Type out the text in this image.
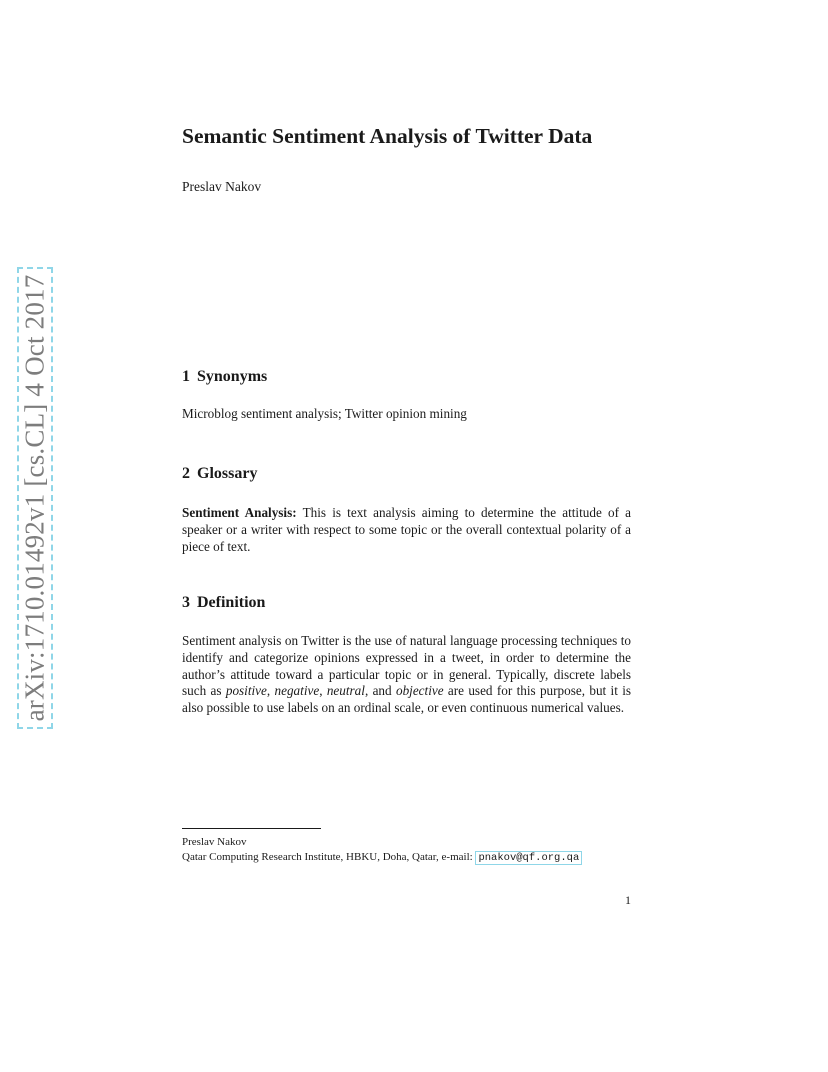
arXiv:1710.01492v1 [cs.CL] 4 Oct 2017
Semantic Sentiment Analysis of Twitter Data
Preslav Nakov
1 Synonyms

Microblog sentiment analysis; Twitter opinion mining

2 Glossary

Sentiment Analysis: This is text analysis aiming to determine the attitude of a speaker or a writer with respect to some topic or the overall contextual polarity of a piece of text.

3 Definition

Sentiment analysis on Twitter is the use of natural language processing techniques to identify and categorize opinions expressed in a tweet, in order to determine the author’s attitude toward a particular topic or in general. Typically, discrete labels such as positive, negative, neutral, and objective are used for this purpose, but it is also possible to use labels on an ordinal scale, or even continuous numerical values.

Preslav Nakov
Qatar Computing Research Institute, HBKU, Doha, Qatar, e-mail: pnakov@qf.org.qa
1
